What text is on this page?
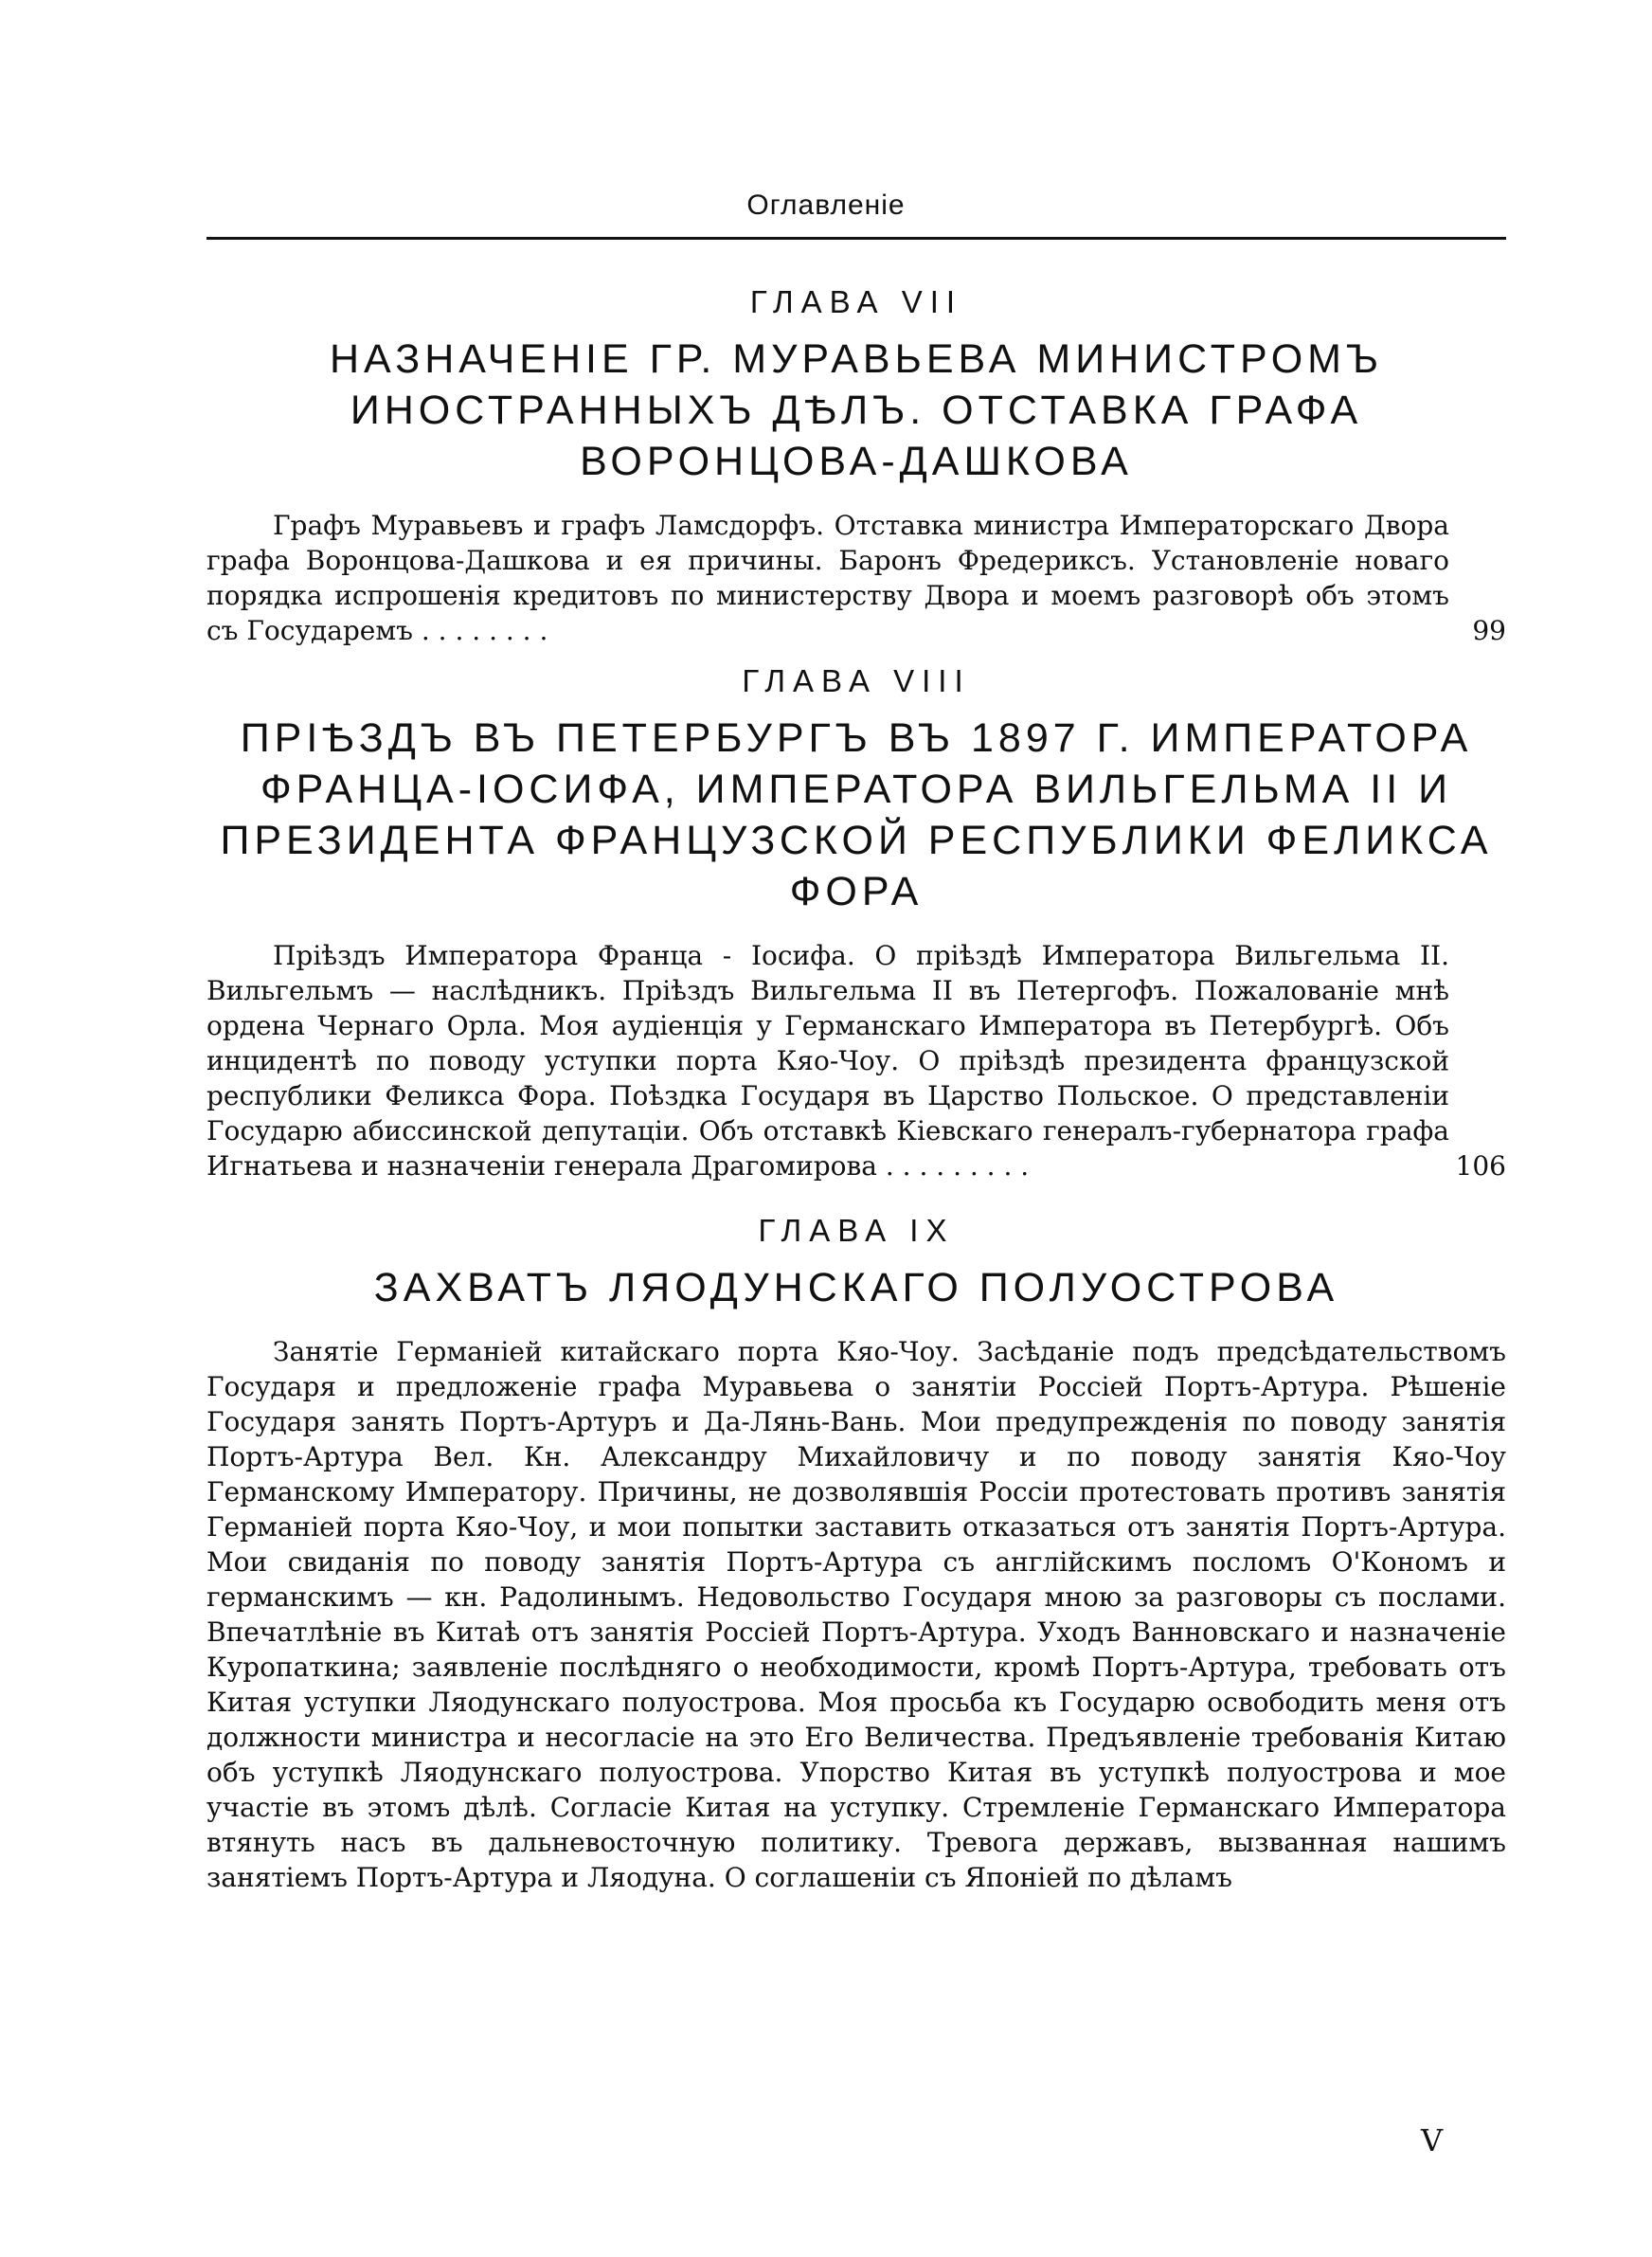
Оглавленіе
ГЛАВА VII
НАЗНАЧЕНІЕ ГР. МУРАВЬЕВА МИНИСТРОМЪ ИНОСТРАННЫХЪ ДѢЛЪ. ОТСТАВКА ГРАФА ВОРОНЦОВА-ДАШКОВА
Графъ Муравьевъ и графъ Ламсдорфъ. Отставка министра Императорскаго Двора графа Воронцова-Дашкова и ея причины. Баронъ Фредериксъ. Установленіе новаго порядка испрошенія кредитовъ по министерству Двора и моемъ разговорѣ объ этомъ съ Государемъ . . . . . . . .	99
ГЛАВА VIII
ПРІѢЗДЪ ВЪ ПЕТЕРБУРГЪ ВЪ 1897 Г. ИМПЕРАТОРА ФРАНЦА-ІОСИФА, ИМПЕРАТОРА ВИЛЬГЕЛЬМА II И ПРЕЗИДЕНТА ФРАНЦУЗСКОЙ РЕСПУБЛИКИ ФЕЛИКСА ФОРА
Пріѣздъ Императора Франца - Іосифа. О пріѣздѣ Императора Вильгельма II. Вильгельмъ — наслѣдникъ. Пріѣздъ Вильгельма II въ Петергофъ. Пожалованіе мнѣ ордена Чернаго Орла. Моя аудіенція у Германскаго Императора въ Петербургѣ. Объ инцидентѣ по поводу уступки порта Кяо-Чоу. О пріѣздѣ президента французской республики Феликса Фора. Поѣздка Государя въ Царство Польское. О представленіи Государю абиссинской депутаціи. Объ отставкѣ Кіевскаго генералъ-губернатора графа Игнатьева и назначеніи генерала Драгомирова . . . . . . . . .	106
ГЛАВА IX
ЗАХВАТЪ ЛЯОДУНСКАГО ПОЛУОСТРОВА
Занятіе Германіей китайскаго порта Кяо-Чоу. Засѣданіе подъ предсѣдательствомъ Государя и предложеніе графа Муравьева о занятіи Россіей Портъ-Артура. Рѣшеніе Государя занять Портъ-Артуръ и Да-Лянь-Вань. Мои предупрежденія по поводу занятія Портъ-Артура Вел. Кн. Александру Михайловичу и по поводу занятія Кяо-Чоу Германскому Императору. Причины, не дозволявшія Россіи протестовать противъ занятія Германіей порта Кяо-Чоу, и мои попытки заставить отказаться отъ занятія Портъ-Артура. Мои свиданія по поводу занятія Портъ-Артура съ англійскимъ посломъ О'Кономъ и германскимъ — кн. Радолинымъ. Недовольство Государя мною за разговоры съ послами. Впечатлѣніе въ Китаѣ отъ занятія Россіей Портъ-Артура. Уходъ Ванновскаго и назначеніе Куропаткина; заявленіе послѣдняго о необходимости, кромѣ Портъ-Артура, требовать отъ Китая уступки Ляодунскаго полуострова. Моя просьба къ Государю освободить меня отъ должности министра и несогласіе на это Его Величества. Предъявленіе требованія Китаю объ уступкѣ Ляодунскаго полуострова. Упорство Китая въ уступкѣ полуострова и мое участіе въ этомъ дѣлѣ. Согласіе Китая на уступку. Стремленіе Германскаго Императора втянуть насъ въ дальневосточную политику. Тревога державъ, вызванная нашимъ занятіемъ Портъ-Артура и Ляодуна. О соглашеніи съ Японіей по дѣламъ
V
